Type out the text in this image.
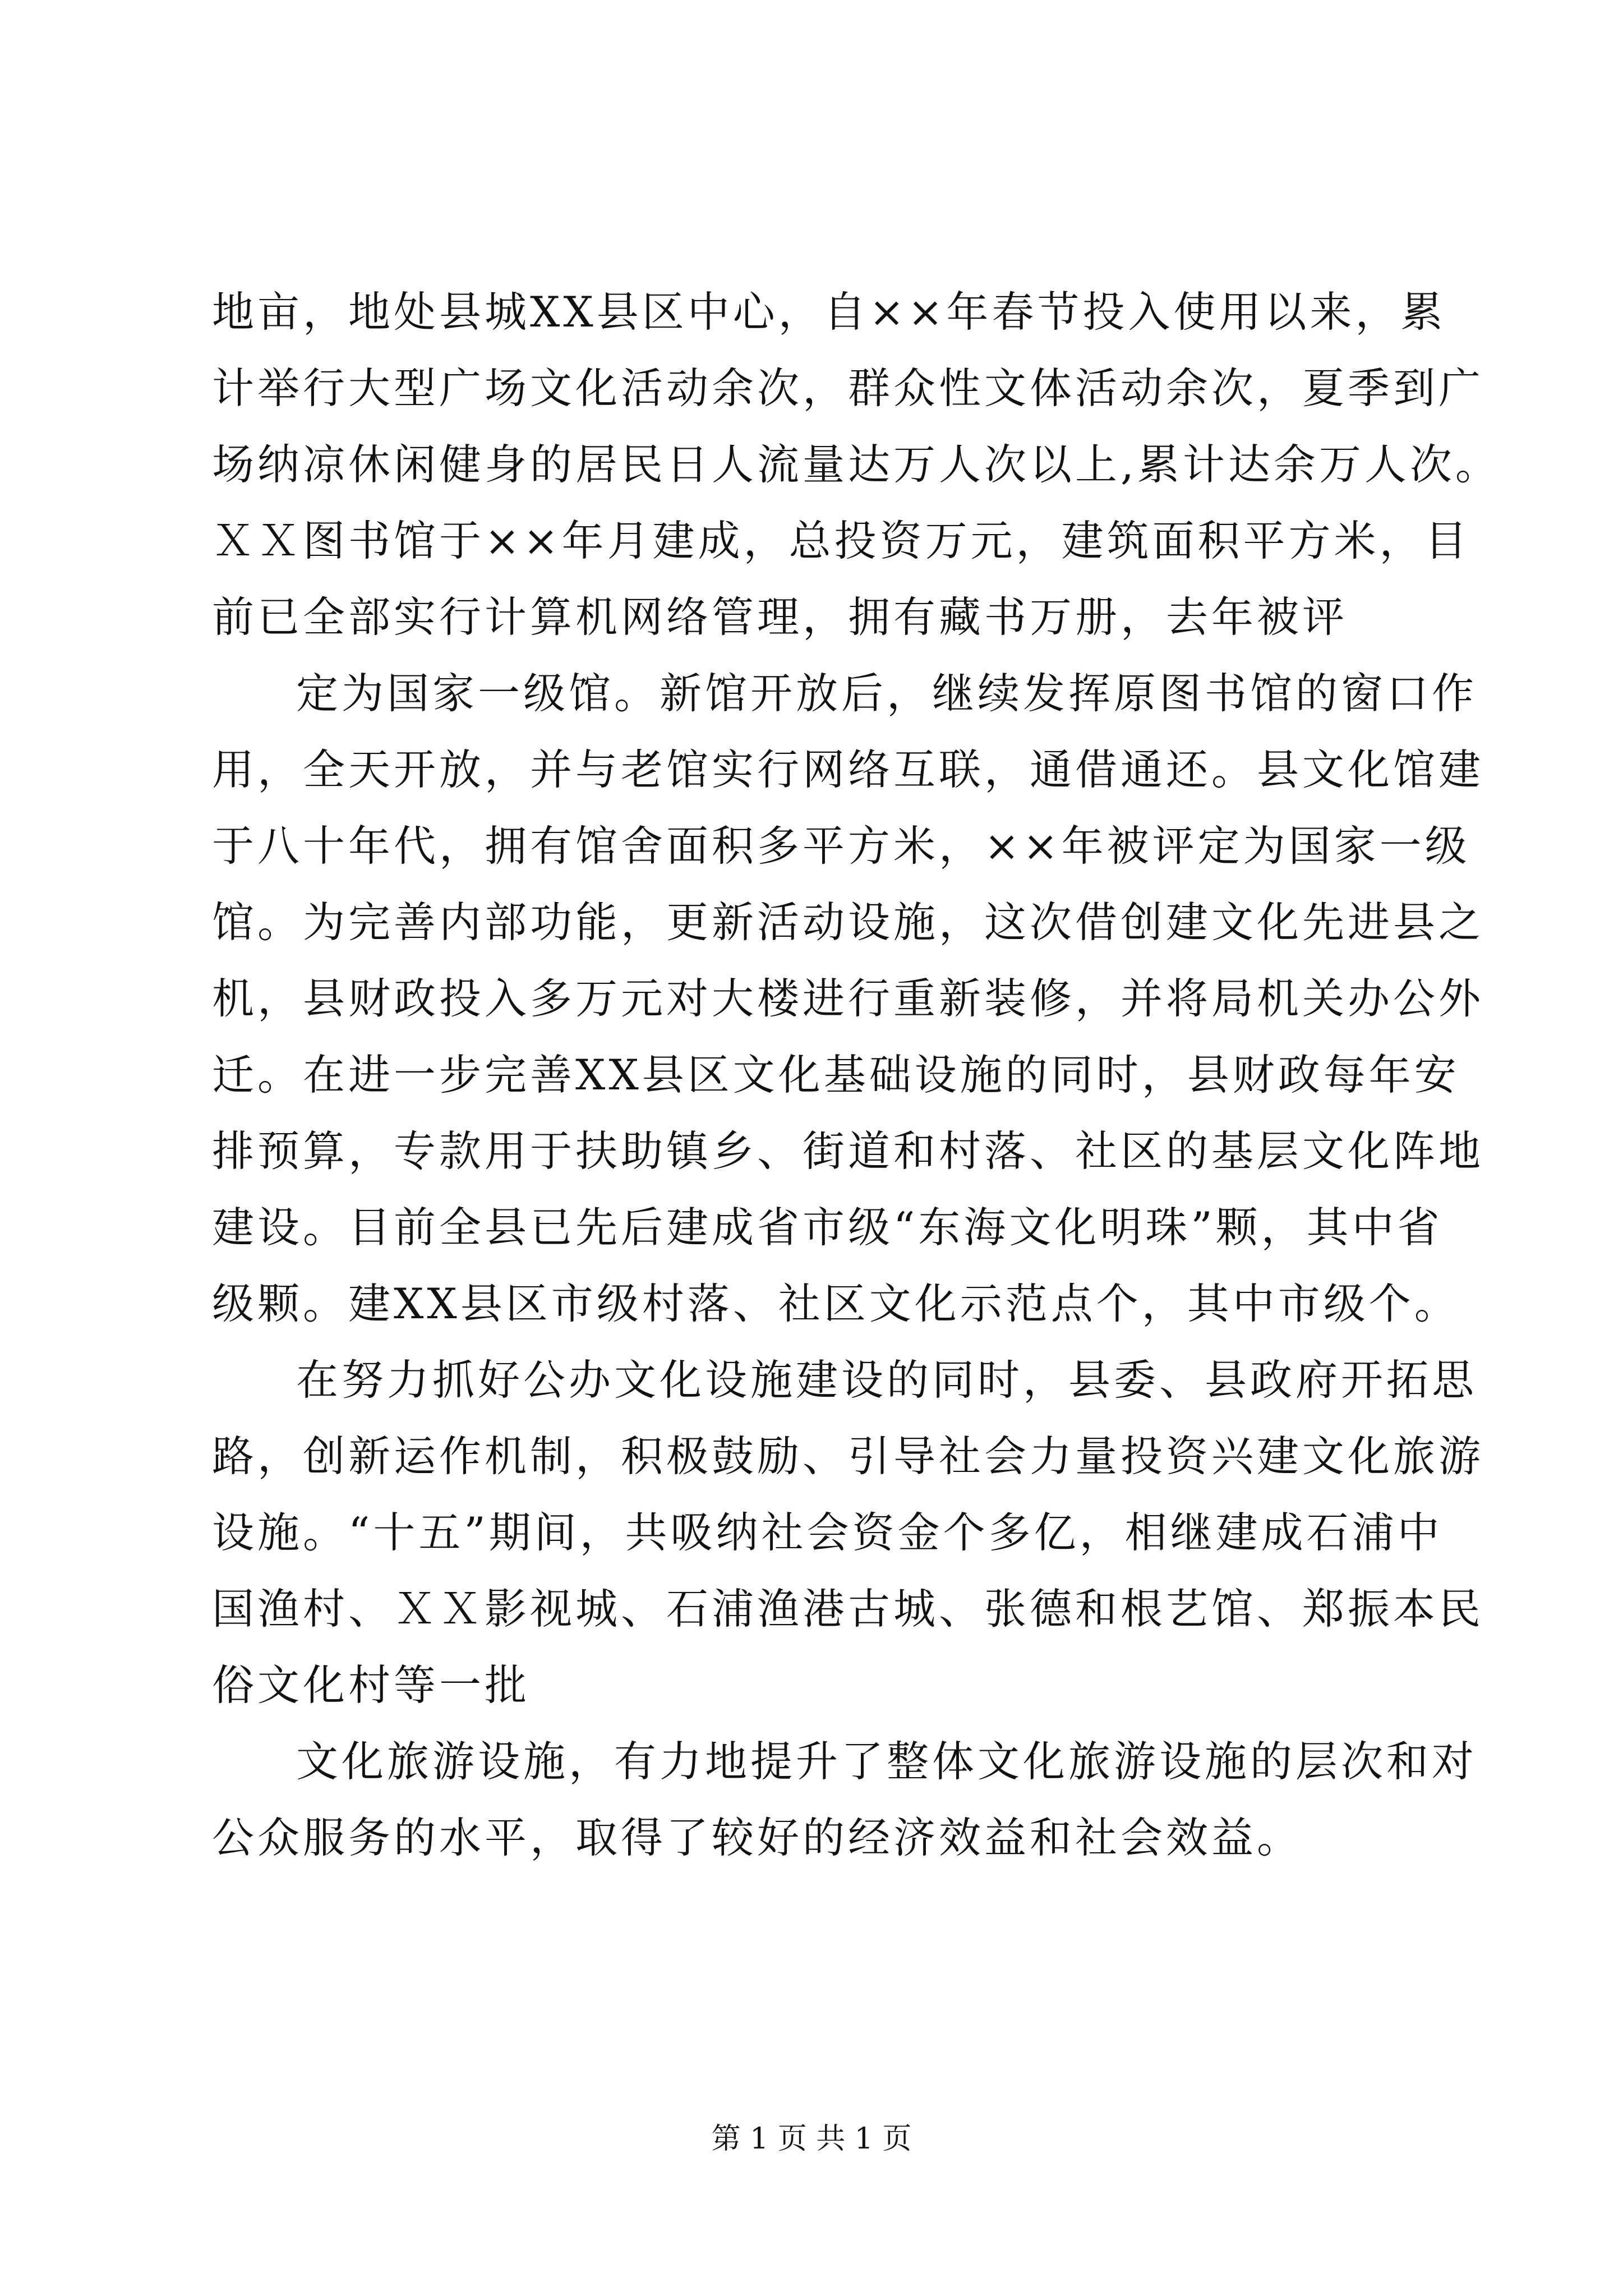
地亩，地处县城XX县区中心，自××年春节投入使用以来，累
计举行大型广场文化活动余次，群众性文体活动余次，夏季到广
场纳凉休闲健身的居民日人流量达万人次以上,累计达余万人次。
ＸＸ图书馆于××年月建成，总投资万元，建筑面积平方米，目
前已全部实行计算机网络管理，拥有藏书万册，去年被评
定为国家一级馆。新馆开放后，继续发挥原图书馆的窗口作
用，全天开放，并与老馆实行网络互联，通借通还。县文化馆建
于八十年代，拥有馆舍面积多平方米，××年被评定为国家一级
馆。为完善内部功能，更新活动设施，这次借创建文化先进县之
机，县财政投入多万元对大楼进行重新装修，并将局机关办公外
迁。在进一步完善XX县区文化基础设施的同时，县财政每年安
排预算，专款用于扶助镇乡、街道和村落、社区的基层文化阵地
建设。目前全县已先后建成省市级“东海文化明珠”颗，其中省
级颗。建XX县区市级村落、社区文化示范点个，其中市级个。
在努力抓好公办文化设施建设的同时，县委、县政府开拓思
路，创新运作机制，积极鼓励、引导社会力量投资兴建文化旅游
设施。“十五”期间，共吸纳社会资金个多亿，相继建成石浦中
国渔村、ＸＸ影视城、石浦渔港古城、张德和根艺馆、郑振本民
俗文化村等一批
文化旅游设施，有力地提升了整体文化旅游设施的层次和对
公众服务的水平，取得了较好的经济效益和社会效益。
第 1 页 共 1 页
